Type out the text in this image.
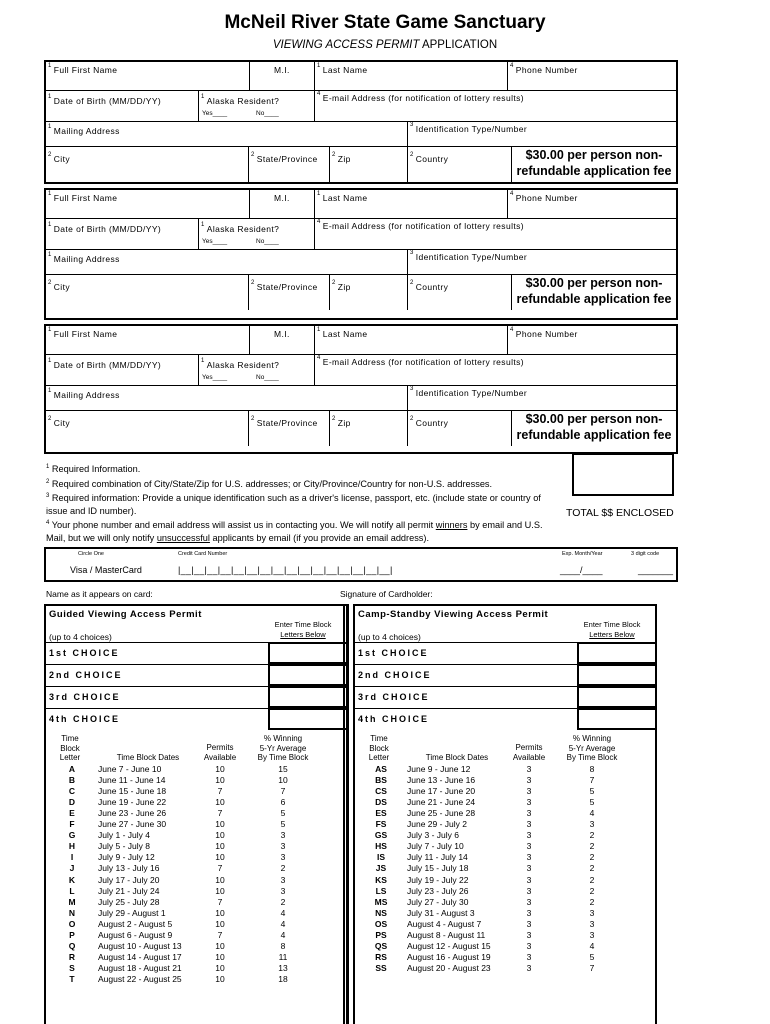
McNeil River State Game Sanctuary
VIEWING ACCESS PERMIT APPLICATION
$^1$ Full First Name	M.I.	$^1$ Last Name	$^4$ Phone Number
$^1$ Date of Birth (MM/DD/YY)	$^1$ Alaska Resident?
Yes____	No____
$^4$ E-mail Address (for notification of lottery results)
$^1$ Mailing Address
$^3$ Identification Type/Number
$^2$ City	$^2$ State/Province $^2$ Zip	$^2$ Country	$30.00 per person non-
refundable application fee
$^1$ Full First Name	M.I.	$^1$ Last Name	$^4$ Phone Number
$^1$ Date of Birth (MM/DD/YY)	$^1$ Alaska Resident?
Yes____	No____
$^4$ E-mail Address (for notification of lottery results)
$^1$ Mailing Address
$^3$ Identification Type/Number
$^2$ City	$^2$ State/Province $^2$ Zip	$^2$ Country	$30.00 per person non-
refundable application fee
$^1$ Full First Name	M.I.	$^1$ Last Name	$^4$ Phone Number
$^1$ Date of Birth (MM/DD/YY)	$^1$ Alaska Resident?
Yes____	No____
$^4$ E-mail Address (for notification of lottery results)
$^1$ Mailing Address
$^3$ Identification Type/Number
$^2$ City	$^2$ State/Province $^2$ Zip	$^2$ Country	$30.00 per person non-
refundable application fee

$^1$ Required Information.

$^2$ Required combination of City/State/Zip for U.S. addresses; or City/Province/Country for non-U.S. addresses.

$^3$ Required information: Provide a unique identification such as a driver's license, passport, etc. (include state or country of issue and ID number).

$^4$ Your phone number and email address will assist us in contacting you. We will notify all permit winners by email and U.S. Mail, but we will only notify unsuccessful applicants by email (if you provide an email address).

TOTAL $$ ENCLOSED
Circle One	Credit Card Number	Exp. Month/Year	3 digit code
Visa / MasterCard	|__|__|__|__|__|__|__|__|__|__|__|__|__|__|__|__|	____/____	_______
Name as it appears on card:	Signature of Cardholder:
Guided Viewing Access Permit
(up to 4 choices)
Enter Time Block
Letters Below
1st CHOICE
2nd CHOICE
3rd CHOICE
4th CHOICE
Time
Block
Letter	Time Block Dates
Permits
Available
% Winning
5-Yr Average
By Time Block
A	June 7 - June 10	10	15
B	June 11 - June 14	10	10
C	June 15 - June 18	7	7
D	June 19 - June 22	10	6
E	June 23 - June 26	7	5
F	June 27 - June 30	10	5
G	July 1 - July 4	10	3
H	July 5 - July 8	10	3
I	July 9 - July 12	10	3
J	July 13 - July 16	7	2
K	July 17 - July 20	10	3
L	July 21 - July 24	10	3
M	July 25 - July 28	7	2
N	July 29 - August 1	10	4
O	August 2 - August 5	10	4
P	August 6 - August 9	7	4
Q	August 10 - August 13	10	8
R	August 14 - August 17	10	11
S	August 18 - August 21	10	13
T	August 22 - August 25	10	18
Camp-Standby Viewing Access Permit
(up to 4 choices)
Enter Time Block
Letters Below
1st CHOICE
2nd CHOICE
3rd CHOICE
4th CHOICE
Time
Block
Letter	Time Block Dates
Permits
Available
% Winning
5-Yr Average
By Time Block
AS	June 9 - June 12	3	8
BS	June 13 - June 16	3	7
CS	June 17 - June 20	3	5
DS	June 21 - June 24	3	5
ES	June 25 - June 28	3	4
FS	June 29 - July 2	3	3
GS	July 3 - July 6	3	2
HS	July 7 - July 10	3	2
IS	July 11 - July 14	3	2
JS	July 15 - July 18	3	2
KS	July 19 - July 22	3	2
LS	July 23 - July 26	3	2
MS	July 27 - July 30	3	2
NS	July 31 - August 3	3	3
OS	August 4 - August 7	3	3
PS	August 8 - August 11	3	3
QS	August 12 - August 15	3	4
RS	August 16 - August 19	3	5
SS	August 20 - August 23	3	7
